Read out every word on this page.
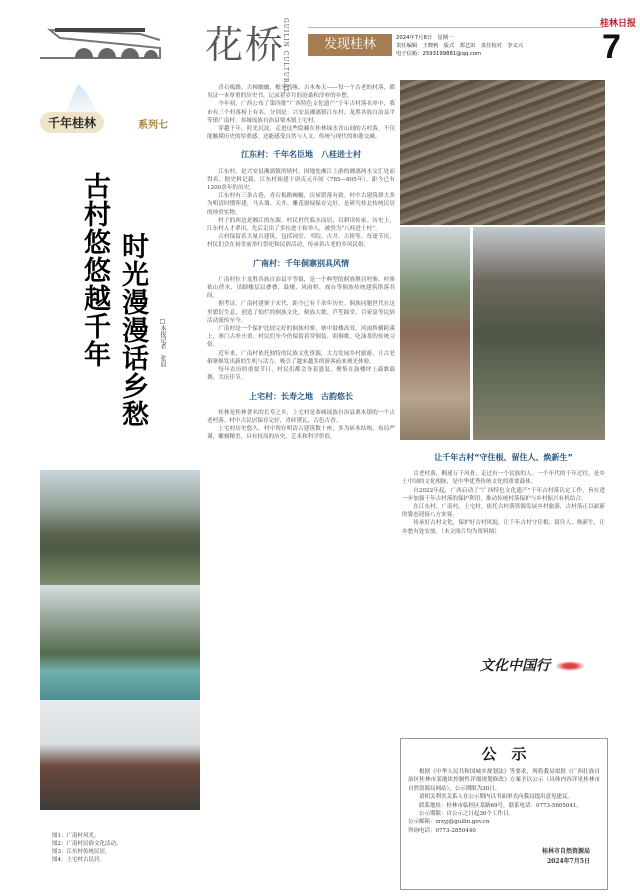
花桥
GUILIN CULTURAL	发现桂林	2024年7月8日　星期一
责任编辑　王晓莉　版式　郑艺田　责任校对　李义兴
电子信箱：2593199881@qq.com
桂林日报
7
千年桂林	系列七
古村悠悠越千年 时光漫漫话乡愁 □本报记者　张晨
图1：广南村风光。
图2：广南村民俗文化活动。
图3：江东村传统民居。
图4：上宅村古民居。

青石板路，古樟幽幽，檐牙高啄，古木参天——每一个古老的村落，都见证一本厚重的历史书，记录着岁月的沧桑和淳朴的乡愁。

今年初，广西公布了第四批“广西特色文化遗产”千年古村落名单中，我市有三个村落榜上有名，分别是：兴安县湘漓镇江东村、龙胜各族自治县平等镇广南村、恭城瑶族自治县栗木镇上宅村。

穿越千年，时光沉淀，走进这些隐藏在桂林绿水青山间的古村落，不仅能触摸历史的厚重感，还能感受自然与人文、传统与现代的和谐交融。

江东村：千年名臣地　八桂进士村

江东村，是兴安县湘漓镇的辖村，因地处湘江上游的湘漓两水交汇处而得名。据史料记载，江东村始建于唐贞元年间（785—805年），距今已有1200余年的历史。

江东村有三条古巷，青石板路蜿蜒，房屋错落有致。村中古建筑群大多为明清时期所建，马头墙、天井、雕花窗棂保存完好，是研究桂北传统民居的珍贵实物。

村子的西边是湘江的东源，村民世代临水而居，以耕读传家。历史上，江东村人才辈出，先后走出了多位进士和举人，被誉为“八桂进士村”。

古村保留着大量古建筑，包括祠堂、书院、古井、古桥等。每逢节庆，村民们会在祠堂前举行祭祀和民俗活动，传承着古老的乡风民俗。

广南村：千年侗寨别具风情

广南村位于龙胜各族自治县平等镇，是一个典型的侗族聚居村寨。村寨依山傍水，吊脚楼层层叠叠，鼓楼、风雨桥、戏台等侗族传统建筑错落其间。

据考证，广南村建寨于宋代，距今已有千余年历史。侗族同胞世代在这里繁衍生息，创造了灿烂的侗族文化。侗族大歌、芦笙踩堂、百家宴等民俗活动流传至今。

广南村是一个保护比较完好的侗族村寨，寨中鼓楼高耸，风雨桥横跨溪上，寨门古朴庄重。村民们至今仍保留着穿侗装、唱侗歌、吃油茶的传统习俗。

近年来，广南村依托独特的民族文化资源，大力发展乡村旅游，让古老侗寨焕发出新的生机与活力，吸引了越来越多的游客前来观光体验。

每年农历的重要节日，村民们都会身着盛装，聚集在鼓楼坪上载歌载舞，共庆佳节。

上宅村：长寿之地　古韵悠长

桂林是桂林著名的长寿之乡，上宅村是恭城瑶族自治县栗木镇的一个古老村落。村中古民居保存完好，青砖黛瓦，古色古香。

上宅村历史悠久，村中现存明清古建筑数十座，多为砖木结构，布局严谨，雕刻精美，具有较高的历史、艺术和科学价值。

让千年古村“守住根、留住人、焕新生”

古老村落，稠递万千风骨，走过有一个民族的人、一个年代的千年过往，是乡土中国的文化根脉，是中华优秀传统文化的重要载体。

自2022年起，广西启动了“广西特色文化遗产”千年古村落认定工作，旨在进一步加强千年古村落的保护利用，推动传统村落保护与乡村振兴有机结合。

在江东村、广南村、上宅村，依托古村落资源发展乡村旅游，古村落正以崭新的姿态迎接八方来客。

传承好古村文化，保护好古村风貌，让千年古村守住根、留住人、焕新生，让乡愁有处安放。（本文图片均为资料图）

文化中国行
公　示

根据《中华人民共和国城乡规划法》等要求，现将我局拟批《广西壮族自治区桂林市某地块控制性详细规划修改》方案予以公示（具体内容详见桂林市自然资源局网站），公示期限为30日。

请相关利害关系人在公示期内以书面形式向我局提出意见建议。

联系地址：桂林市临桂区某路69号，联系电话：0773-5605041。

公示期限：自公示之日起30个工作日。

公示邮箱：zrzyj@guilin.gov.cn
咨询电话：0773-2850440
桂林市自然资源局
2024年7月5日
